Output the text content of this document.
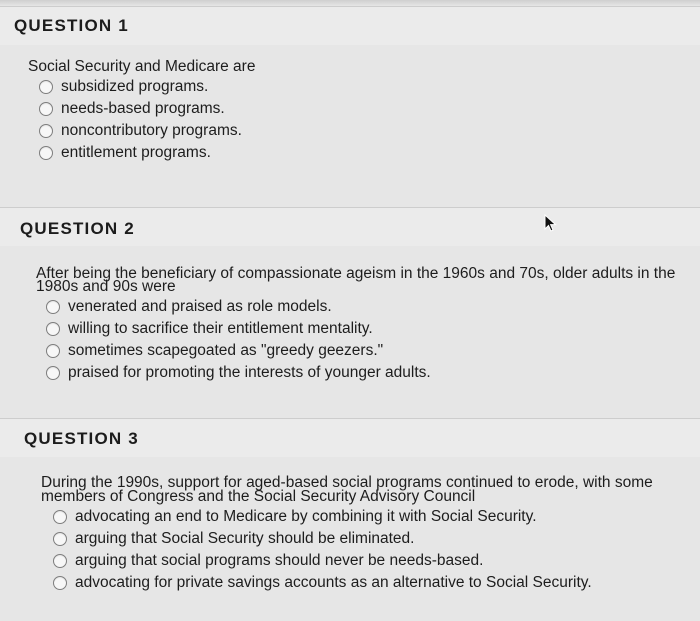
QUESTION 1
Social Security and Medicare are
subsidized programs.
needs-based programs.
noncontributory programs.
entitlement programs.
QUESTION 2
After being the beneficiary of compassionate ageism in the 1960s and 70s, older adults in the
1980s and 90s were
venerated and praised as role models.
willing to sacrifice their entitlement mentality.
sometimes scapegoated as "greedy geezers."
praised for promoting the interests of younger adults.
QUESTION 3
During the 1990s, support for aged-based social programs continued to erode, with some
members of Congress and the Social Security Advisory Council
advocating an end to Medicare by combining it with Social Security.
arguing that Social Security should be eliminated.
arguing that social programs should never be needs-based.
advocating for private savings accounts as an alternative to Social Security.
